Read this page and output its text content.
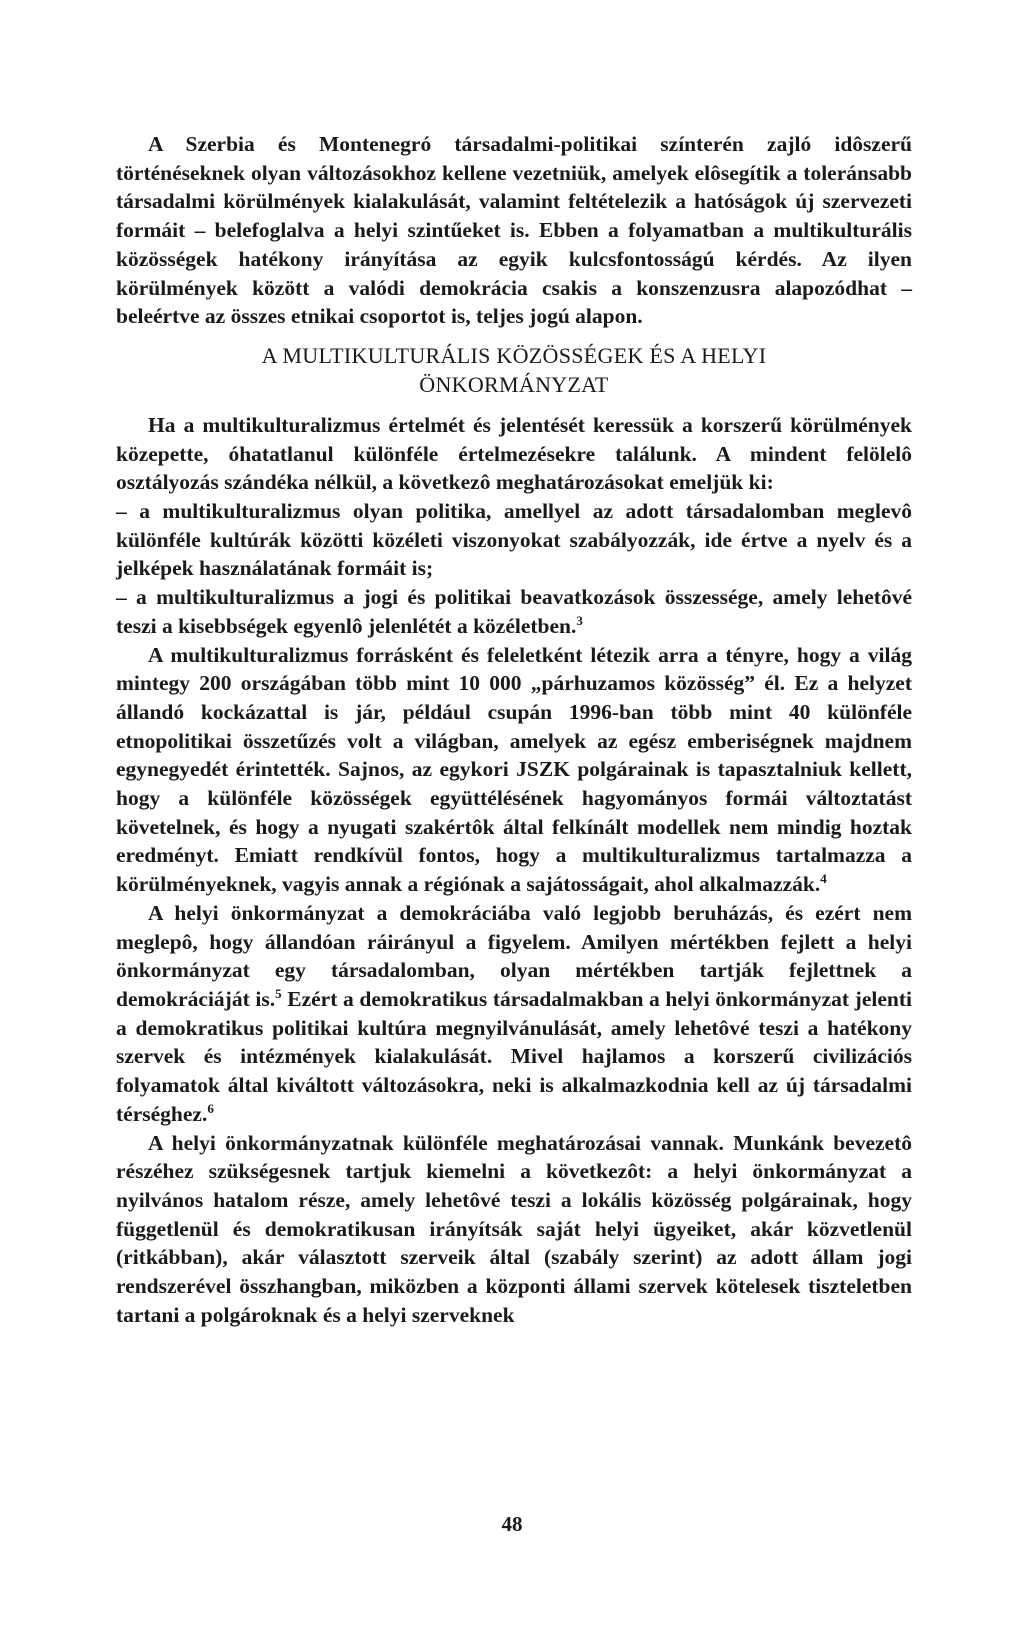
A Szerbia és Montenegró társadalmi-politikai színterén zajló idôszerű történéseknek olyan változásokhoz kellene vezetniük, amelyek elôsegítik a toleránsabb társadalmi körülmények kialakulását, valamint feltételezik a hatóságok új szervezeti formáit – belefoglalva a helyi szintűeket is. Ebben a folyamatban a multikulturális közösségek hatékony irányítása az egyik kulcsfontosságú kérdés. Az ilyen körülmények között a valódi demokrácia csakis a konszenzusra alapozódhat – beleértve az összes etnikai csoportot is, teljes jogú alapon.

A MULTIKULTURÁLIS KÖZÖSSÉGEK ÉS A HELYI
ÖNKORMÁNYZAT

Ha a multikulturalizmus értelmét és jelentését keressük a korszerű körülmények közepette, óhatatlanul különféle értelmezésekre találunk. A mindent felölelô osztályozás szándéka nélkül, a következô meghatározásokat emeljük ki:

– a multikulturalizmus olyan politika, amellyel az adott társadalomban meglevô különféle kultúrák közötti közéleti viszonyokat szabályozzák, ide értve a nyelv és a jelképek használatának formáit is;

– a multikulturalizmus a jogi és politikai beavatkozások összessége, amely lehetôvé teszi a kisebbségek egyenlô jelenlétét a közéletben.$^3$

A multikulturalizmus forrásként és feleletként létezik arra a tényre, hogy a világ mintegy 200 országában több mint 10 000 „párhuzamos közösség” él. Ez a helyzet állandó kockázattal is jár, például csupán 1996-ban több mint 40 különféle etnopolitikai összetűzés volt a világban, amelyek az egész emberiségnek majdnem egynegyedét érintették. Sajnos, az egykori JSZK polgárainak is tapasztalniuk kellett, hogy a különféle közösségek együttélésének hagyományos formái változtatást követelnek, és hogy a nyugati szakértôk által felkínált modellek nem mindig hoztak eredményt. Emiatt rendkívül fontos, hogy a multikulturalizmus tartalmazza a körülményeknek, vagyis annak a régiónak a sajátosságait, ahol alkalmazzák.$^4$

A helyi önkormányzat a demokráciába való legjobb beruházás, és ezért nem meglepô, hogy állandóan ráirányul a figyelem. Amilyen mértékben fejlett a helyi önkormányzat egy társadalomban, olyan mértékben tartják fejlettnek a demokráciáját is.$^5$ Ezért a demokratikus társadalmakban a helyi önkormányzat jelenti a demokratikus politikai kultúra megnyilvánulását, amely lehetôvé teszi a hatékony szervek és intézmények kialakulását. Mivel hajlamos a korszerű civilizációs folyamatok által kiváltott változásokra, neki is alkalmazkodnia kell az új társadalmi térséghez.$^6$

A helyi önkormányzatnak különféle meghatározásai vannak. Munkánk bevezetô részéhez szükségesnek tartjuk kiemelni a következôt: a helyi önkormányzat a nyilvános hatalom része, amely lehetôvé teszi a lokális közösség polgárainak, hogy függetlenül és demokratikusan irányítsák saját helyi ügyeiket, akár közvetlenül (ritkábban), akár választott szerveik által (szabály szerint) az adott állam jogi rendszerével összhangban, miközben a központi állami szervek kötelesek tiszteletben tartani a polgároknak és a helyi szerveknek

48
